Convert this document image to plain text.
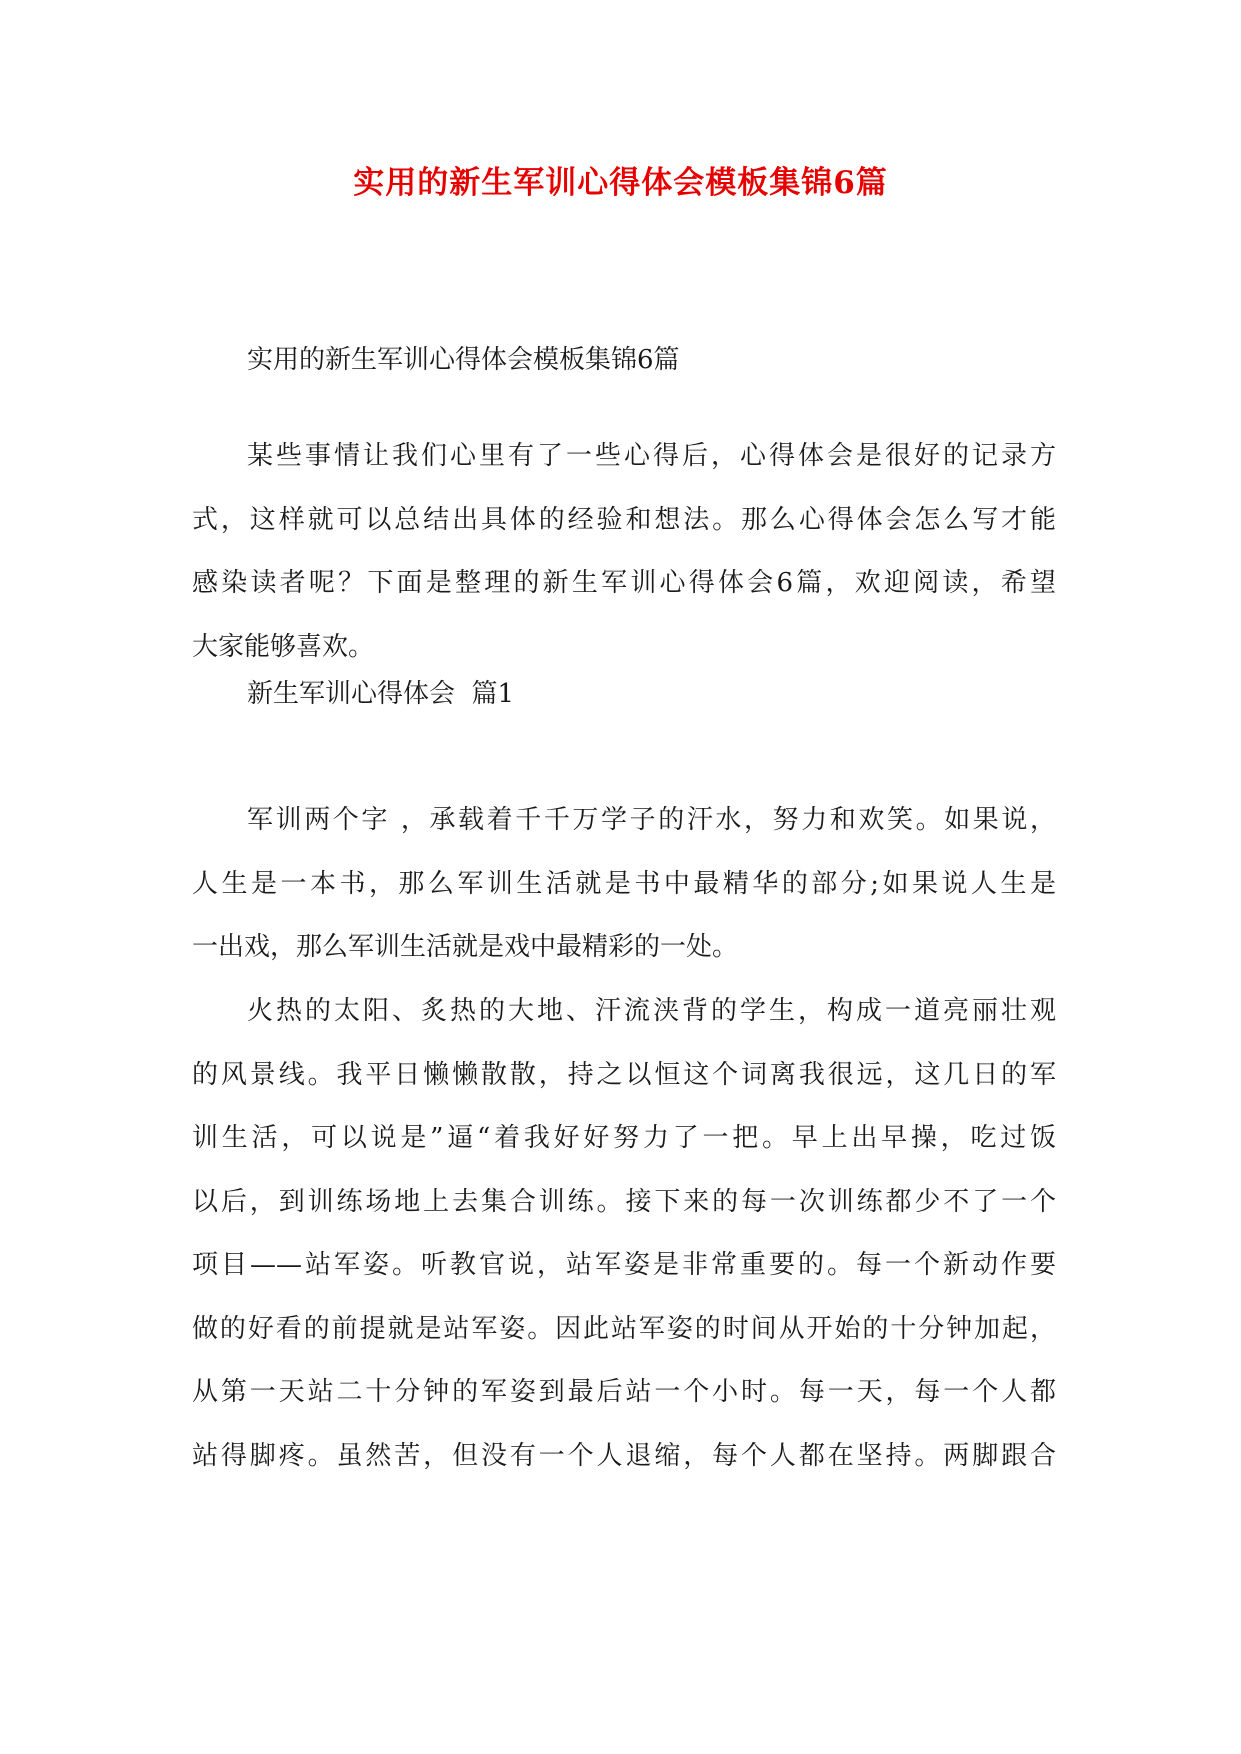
实用的新生军训心得体会模板集锦6篇

实用的新生军训心得体会模板集锦6篇

某些事情让我们心里有了一些心得后，心得体会是很好的记录方
式，这样就可以总结出具体的经验和想法。那么心得体会怎么写才能
感染读者呢？下面是整理的新生军训心得体会6篇，欢迎阅读，希望
大家能够喜欢。

新生军训心得体会  篇1

军训两个字 ，承载着千千万学子的汗水，努力和欢笑。如果说，
人生是一本书，那么军训生活就是书中最精华的部分;如果说人生是
一出戏，那么军训生活就是戏中最精彩的一处。
火热的太阳、炙热的大地、汗流浃背的学生，构成一道亮丽壮观
的风景线。我平日懒懒散散，持之以恒这个词离我很远，这几日的军
训生活，可以说是”逼“着我好好努力了一把。早上出早操，吃过饭
以后，到训练场地上去集合训练。接下来的每一次训练都少不了一个
项目——站军姿。听教官说，站军姿是非常重要的。每一个新动作要
做的好看的前提就是站军姿。因此站军姿的时间从开始的十分钟加起，
从第一天站二十分钟的军姿到最后站一个小时。每一天，每一个人都
站得脚疼。虽然苦，但没有一个人退缩，每个人都在坚持。两脚跟合
